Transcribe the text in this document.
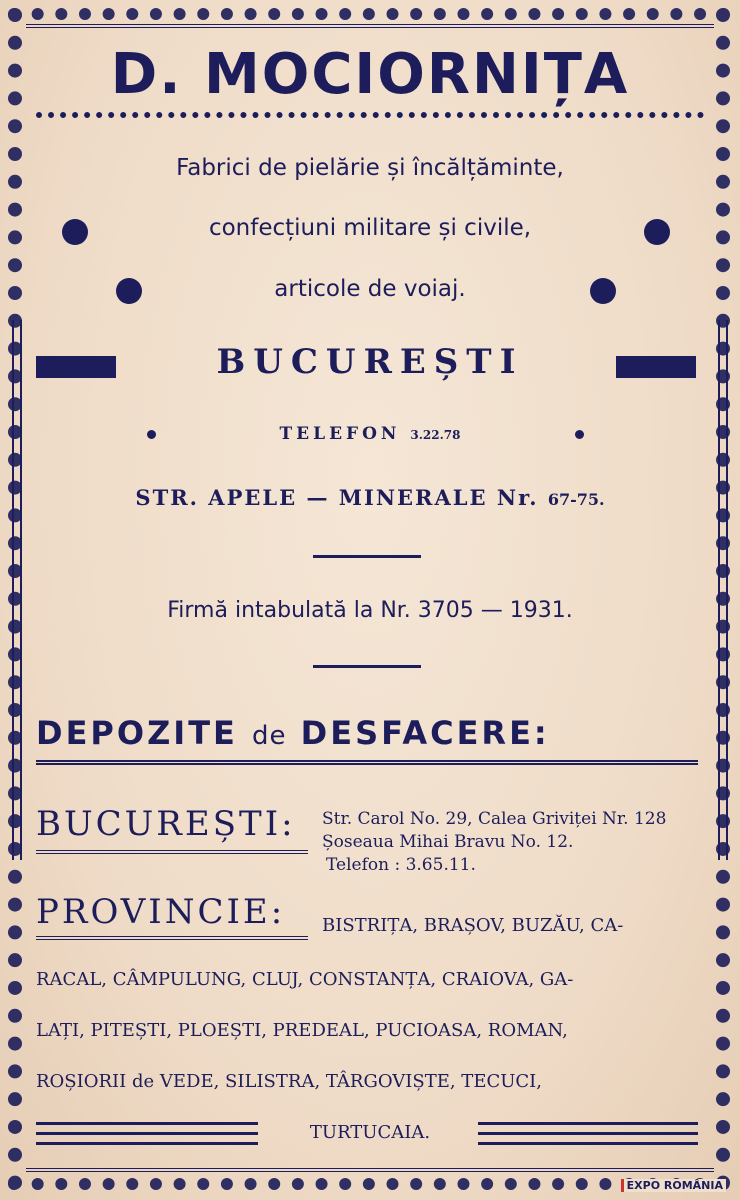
D. MOCIORNIȚA
Fabrici de pielărie și încălțăminte,
confecțiuni militare și civile,
articole de voiaj.
BUCUREȘTI
TELEFON 3.22.78
STR. APELE — MINERALE Nr. 67-75.
Firmă intabulată la Nr. 3705 — 1931.
DEPOZITE de DESFACERE:
BUCUREȘTI: Str. Carol No. 29, Calea Griviței Nr. 128
Șoseaua Mihai Bravu No. 12.
Telefon : 3.65.11.
PROVINCIE: BISTRIȚA, BRAȘOV, BUZĂU, CA-
RACAL, CÂMPULUNG, CLUJ, CONSTANȚA, CRAIOVA, GA-
LAȚI, PITEȘTI, PLOEȘTI, PREDEAL, PUCIOASA, ROMAN,
ROȘIORII de VEDE, SILISTRA, TÂRGOVIȘTE, TECUCI,
TURTUCAIA.
EXPO ROMÂNIA
